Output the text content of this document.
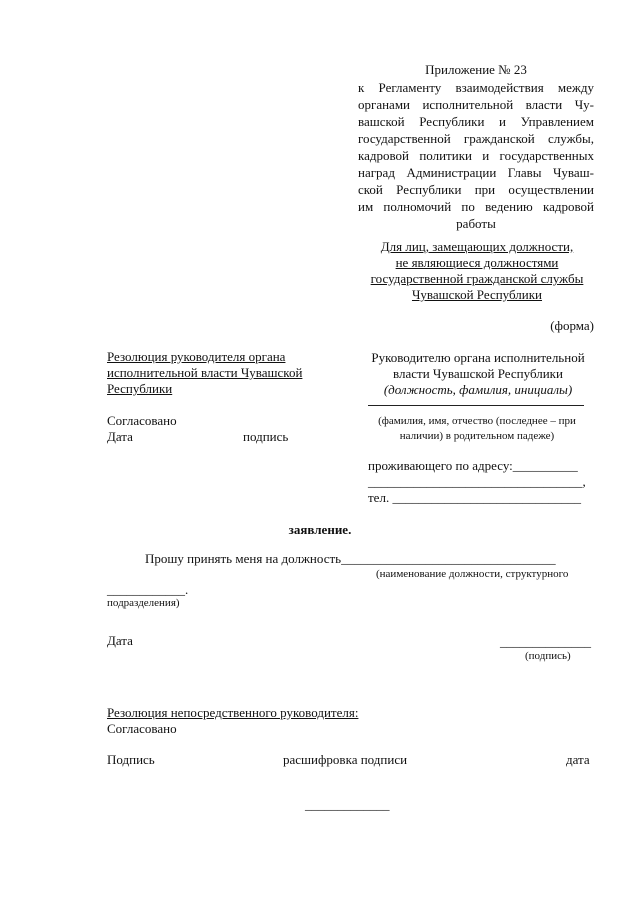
Приложение № 23
к Регламенту взаимодействия между
органами исполнительной власти Чу-
вашской Республики и Управлением
государственной гражданской службы,
кадровой политики и государственных
наград Администрации Главы Чуваш-
ской Республики при осуществлении
им полномочий по ведению кадровой
работы
Для лиц, замещающих должности,
не являющиеся должностями
государственной гражданской службы
Чувашской Республики
(форма)
Резолюция руководителя органа
исполнительной власти Чувашской
Республики
Согласовано
Дата	подпись
Руководителю органа исполнительной
власти Чувашской Республики
(должность, фамилия, инициалы)
(фамилия, имя, отчество (последнее – при
наличии) в родительном падеже)
проживающего по адресу:__________
_________________________________,
тел. _____________________________
заявление.
Прошу принять меня на должность_________________________________
(наименование должности, структурного
____________.
подразделения)
Дата	______________
(подпись)
Резолюция непосредственного руководителя:
Согласовано
Подпись	расшифровка подписи	дата
_____________
